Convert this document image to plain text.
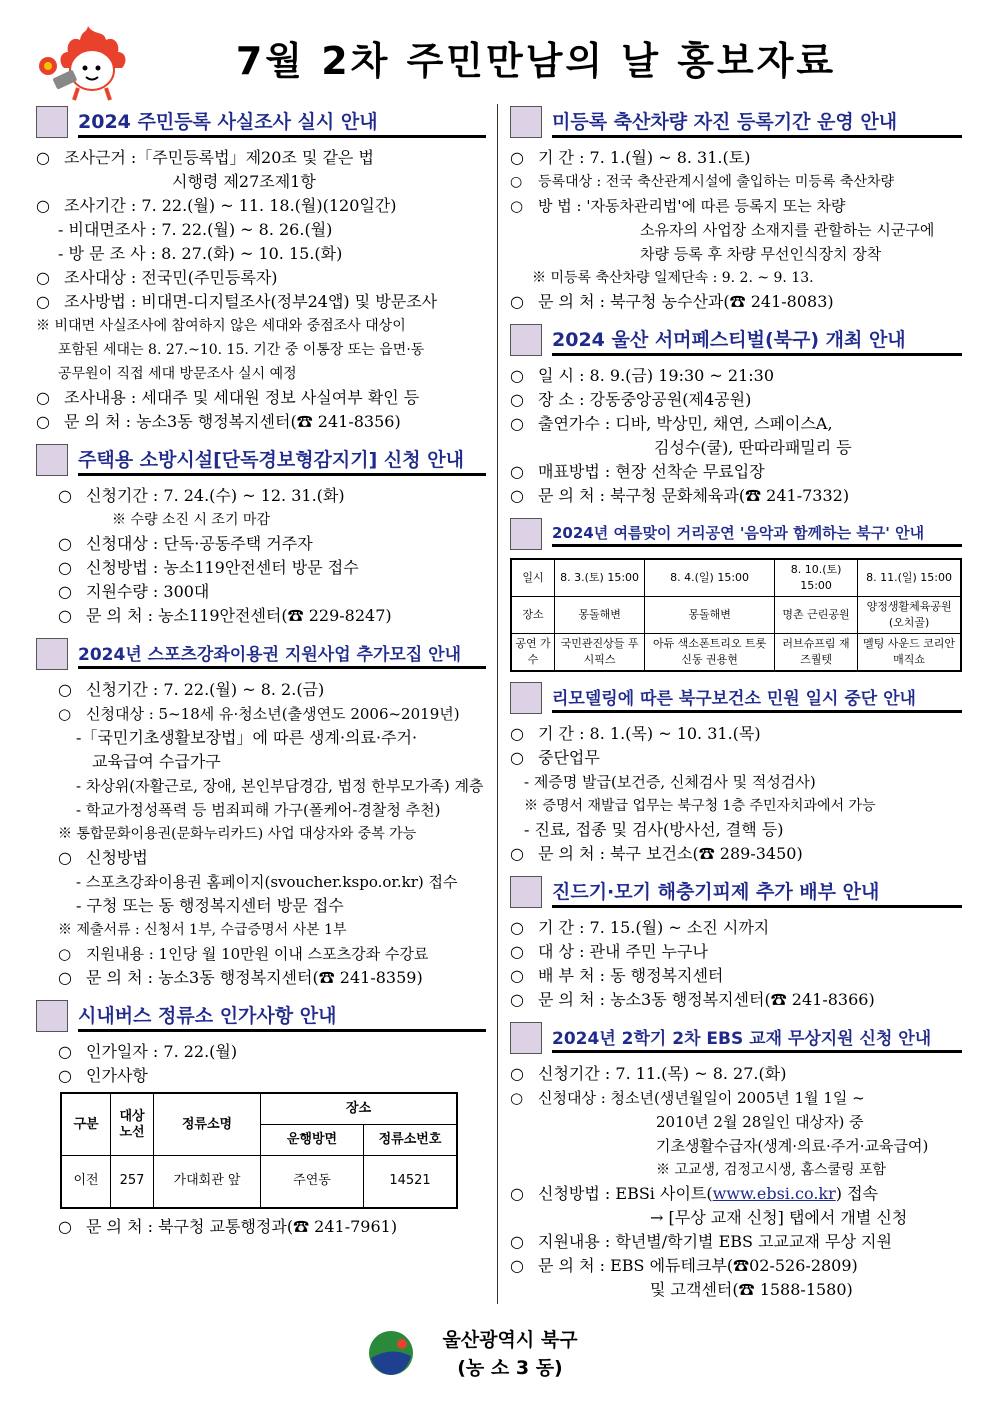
7월 2차 주민만남의 날 홍보자료
2024 주민등록 사실조사 실시 안내
○ 조사근거 :「주민등록법」제20조 및 같은 법
시행령 제27조제1항
○ 조사기간 : 7. 22.(월) ~ 11. 18.(월)(120일간)
- 비대면조사 : 7. 22.(월) ~ 8. 26.(월)
- 방 문 조 사 : 8. 27.(화) ~ 10. 15.(화)
○ 조사대상 : 전국민(주민등록자)
○ 조사방법 : 비대면-디지털조사(정부24앱) 및 방문조사
※ 비대면 사실조사에 참여하지 않은 세대와 중점조사 대상이
포함된 세대는 8. 27.~10. 15. 기간 중 이통장 또는 읍면·동
공무원이 직접 세대 방문조사 실시 예정
○ 조사내용 : 세대주 및 세대원 정보 사실여부 확인 등
○ 문 의 처 : 농소3동 행정복지센터(☎ 241-8356)
주택용 소방시설[단독경보형감지기] 신청 안내
○ 신청기간 : 7. 24.(수) ~ 12. 31.(화)
※ 수량 소진 시 조기 마감
○ 신청대상 : 단독·공동주택 거주자
○ 신청방법 : 농소119안전센터 방문 접수
○ 지원수량 : 300대
○ 문 의 처 : 농소119안전센터(☎ 229-8247)
2024년 스포츠강좌이용권 지원사업 추가모집 안내
○ 신청기간 : 7. 22.(월) ~ 8. 2.(금)
○ 신청대상 : 5~18세 유·청소년(출생연도 2006~2019년)
-「국민기초생활보장법」에 따른 생계·의료·주거·
교육급여 수급가구
- 차상위(자활근로, 장애, 본인부담경감, 법정 한부모가족) 계층
- 학교가정성폭력 등 범죄피해 가구(폴케어-경찰청 추천)
※ 통합문화이용권(문화누리카드) 사업 대상자와 중복 가능
○ 신청방법
- 스포츠강좌이용권 홈페이지(svoucher.kspo.or.kr) 접수
- 구청 또는 동 행정복지센터 방문 접수
※ 제출서류 : 신청서 1부, 수급증명서 사본 1부
○ 지원내용 : 1인당 월 10만원 이내 스포츠강좌 수강료
○ 문 의 처 : 농소3동 행정복지센터(☎ 241-8359)
시내버스 정류소 인가사항 안내
○ 인가일자 : 7. 22.(월)
○ 인가사항
구분	대상 노선	정류소명	장소	
			운행방면	정류소번호
이전	257	가대회관 앞	주연동	14521
○ 문 의 처 : 북구청 교통행정과(☎ 241-7961)
미등록 축산차량 자진 등록기간 운영 안내
○ 기 간 : 7. 1.(월) ~ 8. 31.(토)
○ 등록대상 : 전국 축산관계시설에 출입하는 미등록 축산차량
○ 방 법 : '자동차관리법'에 따른 등록지 또는 차량
소유자의 사업장 소재지를 관할하는 시군구에
차량 등록 후 차량 무선인식장치 장착
※ 미등록 축산차량 일제단속 : 9. 2. ~ 9. 13.
○ 문 의 처 : 북구청 농수산과(☎ 241-8083)
2024 울산 서머페스티벌(북구) 개최 안내
○ 일 시 : 8. 9.(금) 19:30 ~ 21:30
○ 장 소 : 강동중앙공원(제4공원)
○ 출연가수 : 디바, 박상민, 채연, 스페이스A,
김성수(쿨), 딴따라패밀리 등
○ 매표방법 : 현장 선착순 무료입장
○ 문 의 처 : 북구청 문화체육과(☎ 241-7332)
2024년 여름맞이 거리공연 '음악과 함께하는 북구' 안내
일시	8. 3.(토) 15:00	8. 4.(일) 15:00	8. 10.(토) 15:00	8. 11.(일) 15:00
장소	몽돌해변	몽돌해변	명촌 근린공원	양정생활체육공원 (오치골)
공연 가수	국민관진상들 푸시픽스	아듀 색소폰트리오 트롯신동 권용현	러브슈프림 재즈퀄텟	멜팅 사운드 코리안 매직쇼
리모델링에 따른 북구보건소 민원 일시 중단 안내
○ 기 간 : 8. 1.(목) ~ 10. 31.(목)
○ 중단업무
- 제증명 발급(보건증, 신체검사 및 적성검사)
※ 증명서 재발급 업무는 북구청 1층 주민자치과에서 가능
- 진료, 접종 및 검사(방사선, 결핵 등)
○ 문 의 처 : 북구 보건소(☎ 289-3450)
진드기·모기 해충기피제 추가 배부 안내
○ 기 간 : 7. 15.(월) ~ 소진 시까지
○ 대 상 : 관내 주민 누구나
○ 배 부 처 : 동 행정복지센터
○ 문 의 처 : 농소3동 행정복지센터(☎ 241-8366)
2024년 2학기 2차 EBS 교재 무상지원 신청 안내
○ 신청기간 : 7. 11.(목) ~ 8. 27.(화)
○ 신청대상 : 청소년(생년월일이 2005년 1월 1일 ~
2010년 2월 28일인 대상자) 중
기초생활수급자(생계·의료·주거·교육급여)
※ 고교생, 검정고시생, 홈스쿨링 포함
○ 신청방법 : EBSi 사이트(www.ebsi.co.kr) 접속
→ [무상 교재 신청] 탭에서 개별 신청
○ 지원내용 : 학년별/학기별 EBS 고교교재 무상 지원
○ 문 의 처 : EBS 에듀테크부(☎02-526-2809)
및 고객센터(☎ 1588-1580)
울산광역시 북구
(농 소 3 동)
